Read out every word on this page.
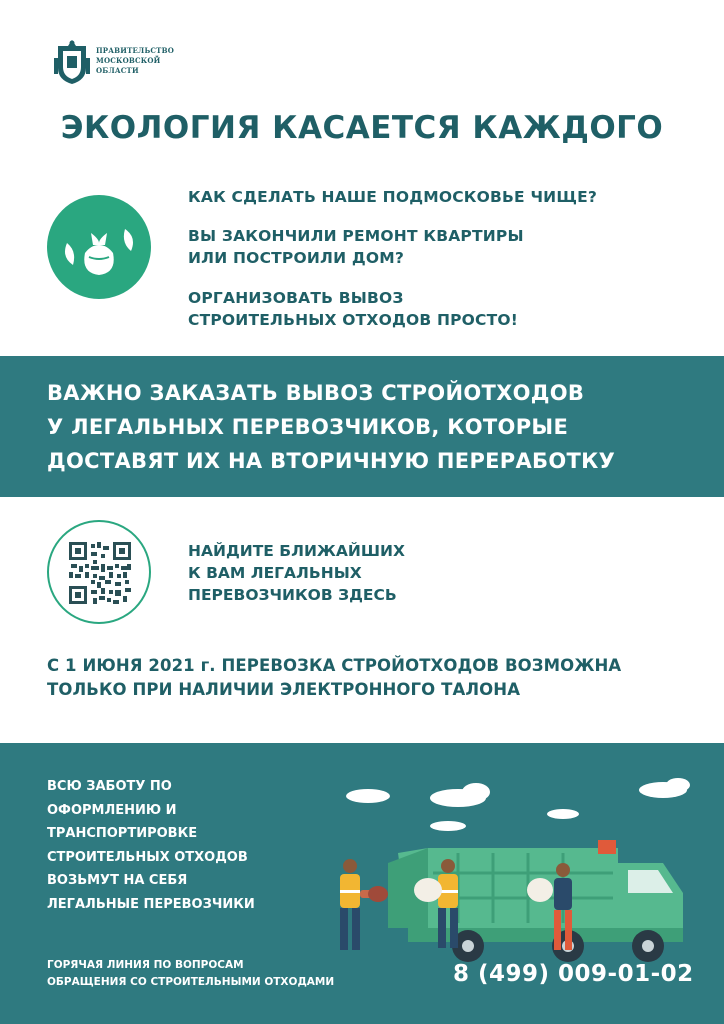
ПРАВИТЕЛЬСТВО
МОСКОВСКОЙ
ОБЛАСТИ
ЭКОЛОГИЯ КАСАЕТСЯ КАЖДОГО
КАК СДЕЛАТЬ НАШЕ ПОДМОСКОВЬЕ ЧИЩЕ?
ВЫ ЗАКОНЧИЛИ РЕМОНТ КВАРТИРЫ
ИЛИ ПОСТРОИЛИ ДОМ?
ОРГАНИЗОВАТЬ ВЫВОЗ
СТРОИТЕЛЬНЫХ ОТХОДОВ ПРОСТО!
ВАЖНО ЗАКАЗАТЬ ВЫВОЗ СТРОЙОТХОДОВ
У ЛЕГАЛЬНЫХ ПЕРЕВОЗЧИКОВ, КОТОРЫЕ
ДОСТАВЯТ ИХ НА ВТОРИЧНУЮ ПЕРЕРАБОТКУ
НАЙДИТЕ БЛИЖАЙШИХ
К ВАМ ЛЕГАЛЬНЫХ
ПЕРЕВОЗЧИКОВ ЗДЕСЬ
С 1 ИЮНЯ 2021 г. ПЕРЕВОЗКА СТРОЙОТХОДОВ ВОЗМОЖНА
ТОЛЬКО ПРИ НАЛИЧИИ ЭЛЕКТРОННОГО ТАЛОНА
ВСЮ ЗАБОТУ ПО
ОФОРМЛЕНИЮ И
ТРАНСПОРТИРОВКЕ
СТРОИТЕЛЬНЫХ ОТХОДОВ
ВОЗЬМУТ НА СЕБЯ
ЛЕГАЛЬНЫЕ ПЕРЕВОЗЧИКИ
ГОРЯЧАЯ ЛИНИЯ ПО ВОПРОСАМ
ОБРАЩЕНИЯ СО СТРОИТЕЛЬНЫМИ ОТХОДАМИ	8 (499) 009-01-02
